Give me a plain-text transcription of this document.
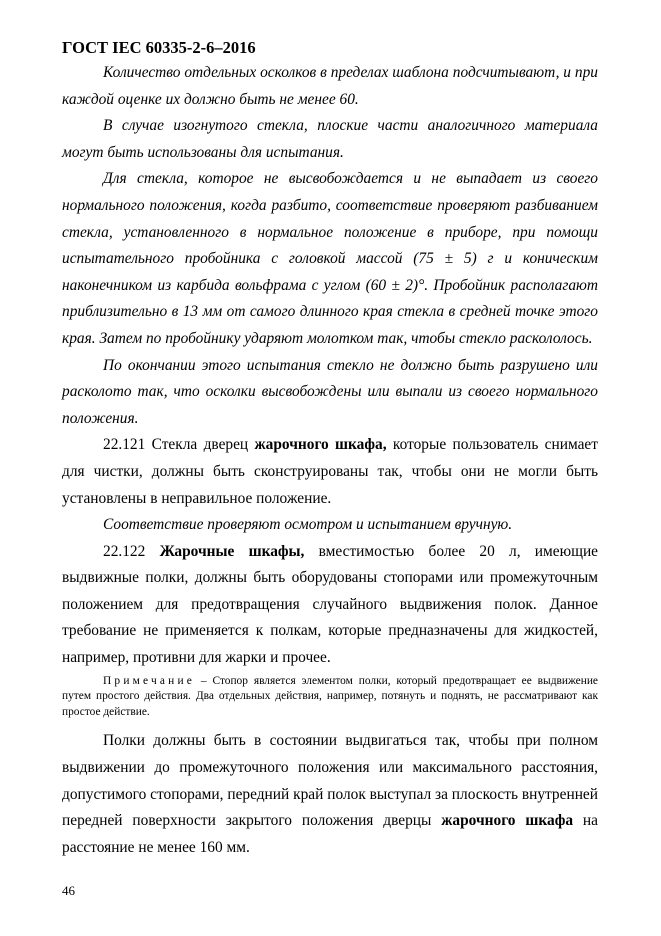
ГОСТ IEC 60335-2-6–2016

Количество отдельных осколков в пределах шаблона подсчитывают, и при каждой оценке их должно быть не менее 60.

В случае изогнутого стекла, плоские части аналогичного материала могут быть использованы для испытания.

Для стекла, которое не высвобождается и не выпадает из своего нормального положения, когда разбито, соответствие проверяют разбиванием стекла, установленного в нормальное положение в приборе, при помощи испытательного пробойника с головкой массой (75 ± 5) г и коническим наконечником из карбида вольфрама с углом (60 ± 2)°. Пробойник располагают приблизительно в 13 мм от самого длинного края стекла в средней точке этого края. Затем по пробойнику ударяют молотком так, чтобы стекло раскололось.

По окончании этого испытания стекло не должно быть разрушено или расколото так, что осколки высвобождены или выпали из своего нормального положения.

22.121 Стекла дверец жарочного шкафа, которые пользователь снимает для чистки, должны быть сконструированы так, чтобы они не могли быть установлены в неправильное положение.

Соответствие проверяют осмотром и испытанием вручную.

22.122 Жарочные шкафы, вместимостью более 20 л, имеющие выдвижные полки, должны быть оборудованы стопорами или промежуточным положением для предотвращения случайного выдвижения полок. Данное требование не применяется к полкам, которые предназначены для жидкостей, например, противни для жарки и прочее.

Примечание – Стопор является элементом полки, который предотвращает ее выдвижение путем простого действия. Два отдельных действия, например, потянуть и поднять, не рассматривают как простое действие.

Полки должны быть в состоянии выдвигаться так, чтобы при полном выдвижении до промежуточного положения или максимального расстояния, допустимого стопорами, передний край полок выступал за плоскость внутренней передней поверхности закрытого положения дверцы жарочного шкафа на расстояние не менее 160 мм.

46
